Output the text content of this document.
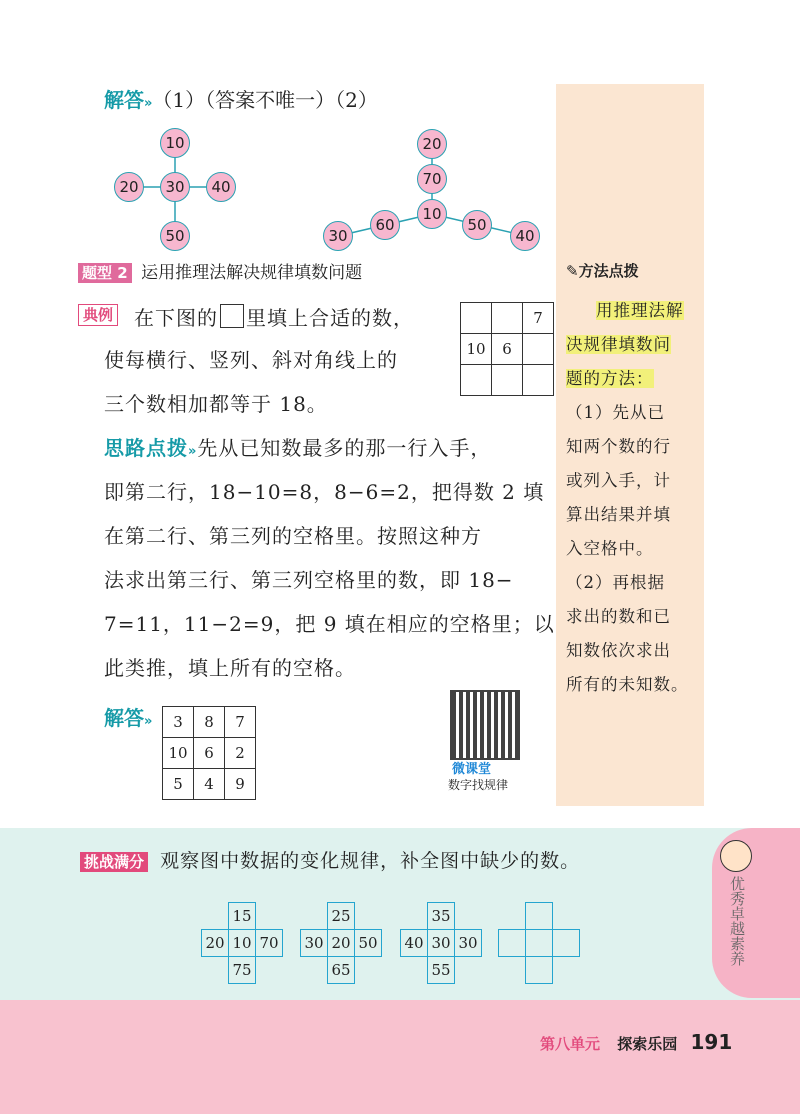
解答»（1）（答案不唯一）（2）
10
20	30	40
50
20
70
10
60
30
50
40
题型 2 运用推理法解决规律填数问题	✎方法点拨
典例 在下图的 里填上合适的数，
使每横行、竖列、斜对角线上的
三个数相加都等于 18。
		7
10	6	

思路点拨»先从已知数最多的那一行入手，
即第二行，18−10=8，8−6=2，把得数 2 填
在第二行、第三列的空格里。按照这种方
法求出第三行、第三列空格里的数，即 18−
7=11，11−2=9，把 9 填在相应的空格里；以
此类推，填上所有的空格。
解答» 3	8	7
10	6	2
5	4	9
微课堂
数字找规律
用推理法解
决规律填数问
题的方法：
（1）先从已
知两个数的行
或列入手，计
算出结果并填
入空格中。
（2）再根据
求出的数和已
知数依次求出
所有的未知数。
优秀卓越素养
挑战满分 观察图中数据的变化规律，补全图中缺少的数。
	15	
20	10	70
	75	
	25	
30	20	50
	65	
	35	
40	30	30
	55	

第八单元 探索乐园 191
